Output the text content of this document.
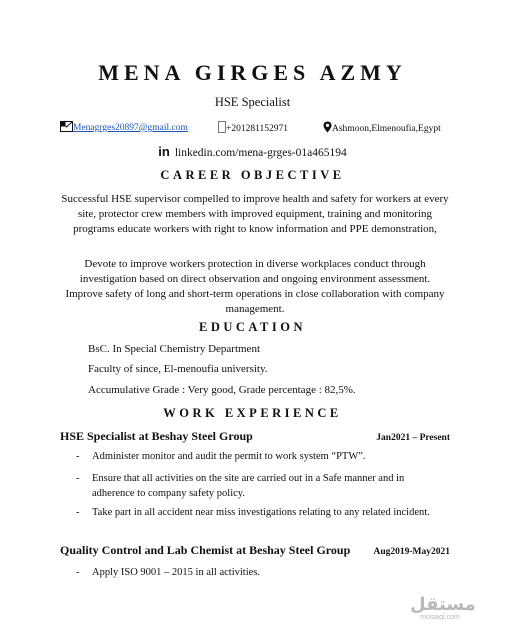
MENA GIRGES AZMY
HSE Specialist
Menagrges20897@gmail.com	+201281152971	Ashmoon,Elmenoufia,Egypt
in linkedin.com/mena-grges-01a465194
CAREER OBJECTIVE
Successful HSE supervisor compelled to improve health and safety for workers at every site, protector crew members with improved equipment, training and monitoring programs educate workers with right to know information and PPE demonstration,
Devote to improve workers protection in diverse workplaces conduct through investigation based on direct observation and ongoing environment assessment. Improve safety of long and short-term operations in close collaboration with company management.
EDUCATION
BsC. In Special Chemistry Department
Faculty of since, El-menoufia university.
Accumulative Grade : Very good, Grade percentage : 82,5%.
WORK EXPERIENCE
HSE Specialist at Beshay Steel Group	Jan2021 – Present
-	Administer monitor and audit the permit to work system “PTW”.
-	Ensure that all activities on the site are carried out in a Safe manner and in adherence to company safety policy.
-	Take part in all accident near miss investigations relating to any related incident.
Quality Control and Lab Chemist at Beshay Steel Group Aug2019-May2021
-	Apply ISO 9001 – 2015 in all activities.
مستقل
mostaql.com
